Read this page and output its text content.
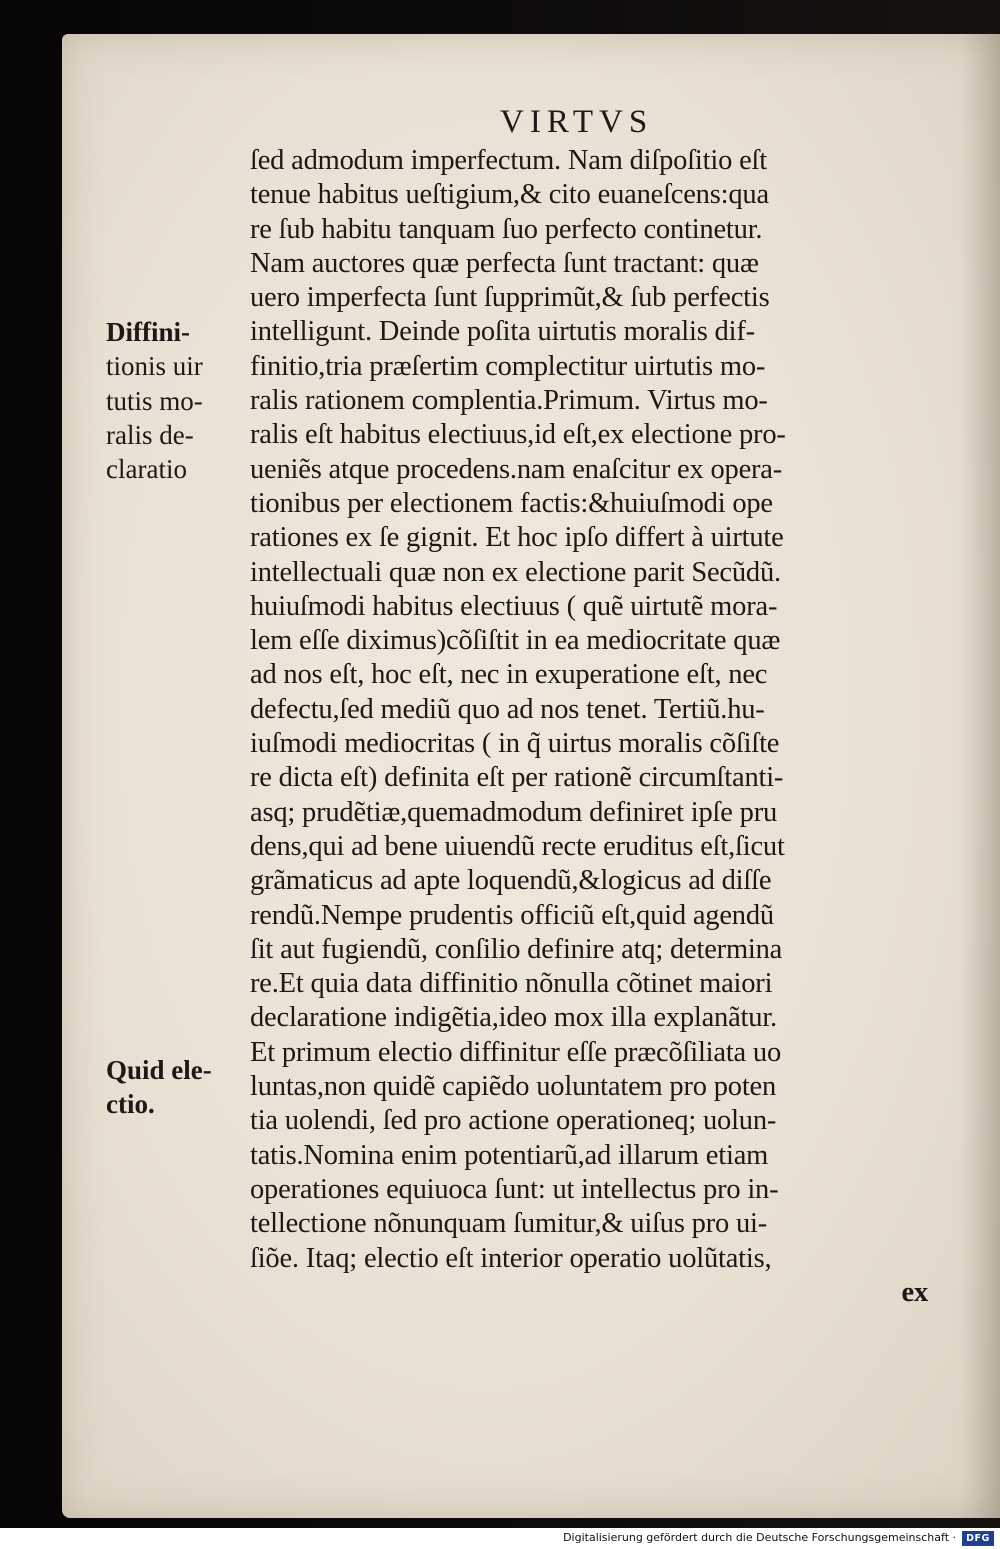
VIRTVS
Diffini-
tionis uir
tutis mo-
ralis de-
claratio
Quid ele-
ctio.
ſed admodum imperfectum. Nam diſpoſitio eſt
tenue habitus ueſtigium,& cito euaneſcens:qua
re ſub habitu tanquam ſuo perfecto continetur.
Nam auctores quæ perfecta ſunt tractant: quæ
uero imperfecta ſunt ſupprimũt,& ſub perfectis
intelligunt. Deinde poſita uirtutis moralis dif-
finitio,tria præſertim complectitur uirtutis mo-
ralis rationem complentia.Primum. Virtus mo-
ralis eſt habitus electiuus,id eſt,ex electione pro-
ueniẽs atque procedens.nam enaſcitur ex opera-
tionibus per electionem factis:&huiuſmodi ope
rationes ex ſe gignit. Et hoc ipſo differt à uirtute
intellectuali quæ non ex electione parit Secũdũ.
huiuſmodi habitus electiuus ( quẽ uirtutẽ mora-
lem eſſe diximus)cõſiſtit in ea mediocritate quæ
ad nos eſt, hoc eſt, nec in exuperatione eſt, nec
defectu,ſed mediũ quo ad nos tenet. Tertiũ.hu-
iuſmodi mediocritas ( in q̃ uirtus moralis cõſiſte
re dicta eſt) definita eſt per rationẽ circumſtanti-
asq; prudẽtiæ,quemadmodum definiret ipſe pru
dens,qui ad bene uiuendũ recte eruditus eſt,ſicut
grãmaticus ad apte loquendũ,&logicus ad diſſe
rendũ.Nempe prudentis officiũ eſt,quid agendũ
ſit aut fugiendũ, conſilio definire atq; determina
re.Et quia data diffinitio nõnulla cõtinet maiori
declaratione indigẽtia,ideo mox illa explanãtur.
Et primum electio diffinitur eſſe præcõſiliata uo
luntas,non quidẽ capiẽdo uoluntatem pro poten
tia uolendi, ſed pro actione operationeq; uolun-
tatis.Nomina enim potentiarũ,ad illarum etiam
operationes equiuoca ſunt: ut intellectus pro in-
tellectione nõnunquam ſumitur,& uiſus pro ui-
ſiõe. Itaq; electio eſt interior operatio uolũtatis,
ex
Digitalisierung gefördert durch die Deutsche Forschungsgemeinschaft ·	DFG
